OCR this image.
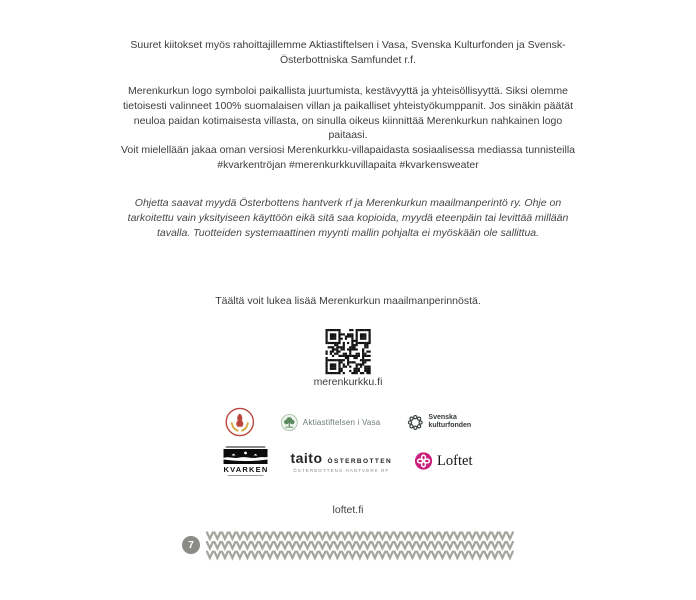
Suuret kiitokset myös rahoittajillemme Aktiastiftelsen i Vasa, Svenska Kulturfonden ja Svensk-Österbottniska Samfundet r.f.

Merenkurkun logo symboloi paikallista juurtumista, kestävyyttä ja yhteisöllisyyttä. Siksi olemme tietoisesti valinneet 100% suomalaisen villan ja paikalliset yhteistyökumppanit. Jos sinäkin päätät neuloa paidan kotimaisesta villasta, on sinulla oikeus kiinnittää Merenkurkun nahkainen logo paitaasi.

Voit mielellään jakaa oman versiosi Merenkurkku-villapaidasta sosiaalisessa mediassa tunnisteilla
#kvarkentröjan #merenkurkkuvillapaita #kvarkensweater

Ohjetta saavat myydä Österbottens hantverk rf ja Merenkurkun maailmanperintö ry. Ohje on tarkoitettu vain yksityiseen käyttöön eikä sitä saa kopioida, myydä eteenpäin tai levittää millään tavalla. Tuotteiden systemaattinen myynti mallin pohjalta ei myöskään ole sallittua.

Täältä voit lukea lisää Merenkurkun maailmanperinnöstä.

merenkurkku.fi
Aktiastiftelsen i Vasa	Svenska
kulturfonden
KVARKEN
taito ÖSTERBOTTEN
ÖSTERBOTTENS HANTVERK RF
Loftet
loftet.fi
7
